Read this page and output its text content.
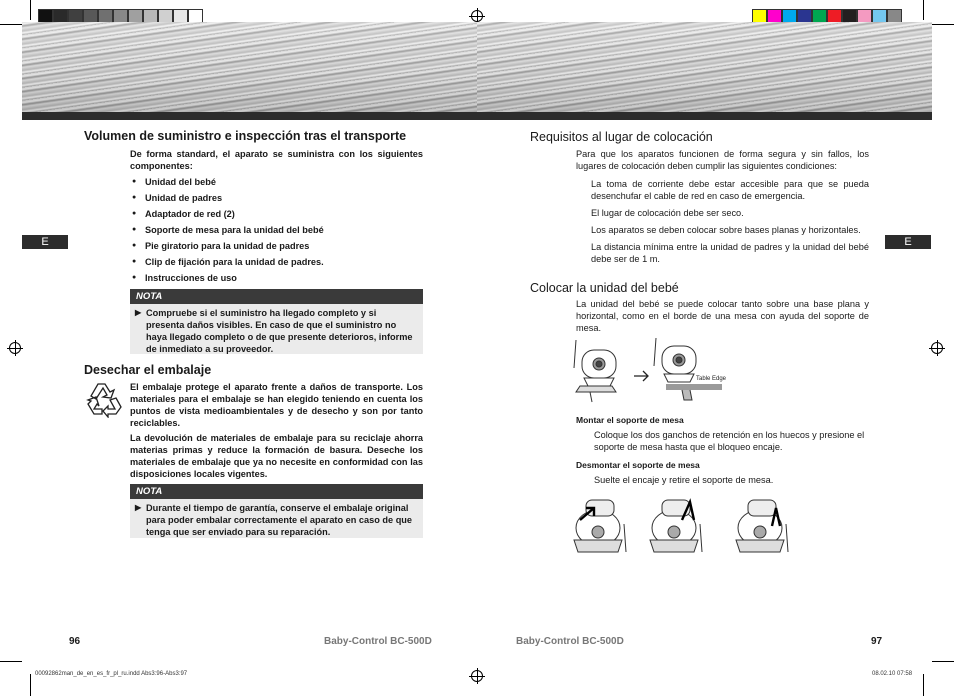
E	E
Volumen de suministro e inspección tras el transporte
De forma standard, el aparato se suministra con los siguientes componentes:
● Unidad del bebé
● Unidad de padres
● Adaptador de red (2)
● Soporte de mesa para la unidad del bebé
● Pie giratorio para la unidad de padres
● Clip de fijación para la unidad de padres.
● Instrucciones de uso
NOTA
▶ Compruebe si el suministro ha llegado completo y si presenta daños visibles. En caso de que el suministro no haya llegado completo o de que presente deterioros, informe de inmediato a su proveedor.
Desechar el embalaje
El embalaje protege el aparato frente a daños de transporte. Los materiales para el embalaje se han elegido teniendo en cuenta los puntos de vista medioambientales y de desecho y son por tanto reciclables.
La devolución de materiales de embalaje para su reciclaje ahorra materias primas y reduce la formación de basura. Deseche los materiales de embalaje que ya no necesite en conformidad con las disposiciones locales vigentes.
NOTA
▶ Durante el tiempo de garantía, conserve el embalaje original para poder embalar correctamente el aparato en caso de que tenga que ser enviado para su reparación.
Requisitos al lugar de colocación
Para que los aparatos funcionen de forma segura y sin fallos, los lugares de colocación deben cumplir las siguientes condiciones:
La toma de corriente debe estar accesible para que se pueda desenchufar el cable de red en caso de emergencia.
El lugar de colocación debe ser seco.
Los aparatos se deben colocar sobre bases planas y horizontales.
La distancia mínima entre la unidad de padres y la unidad del bebé debe ser de 1 m.
Colocar la unidad del bebé
La unidad del bebé se puede colocar tanto sobre una base plana y horizontal, como en el borde de una mesa con ayuda del soporte de mesa.
Table Edge
Montar el soporte de mesa
Coloque los dos ganchos de retención en los huecos y presione el soporte de mesa hasta que el bloqueo encaje.
Desmontar el soporte de mesa
Suelte el encaje y retire el soporte de mesa.
96	Baby-Control BC-500D	Baby-Control BC-500D	97
00092862man_de_en_es_fr_pl_ru.indd Abs3:96-Abs3:97	08.02.10 07:58
